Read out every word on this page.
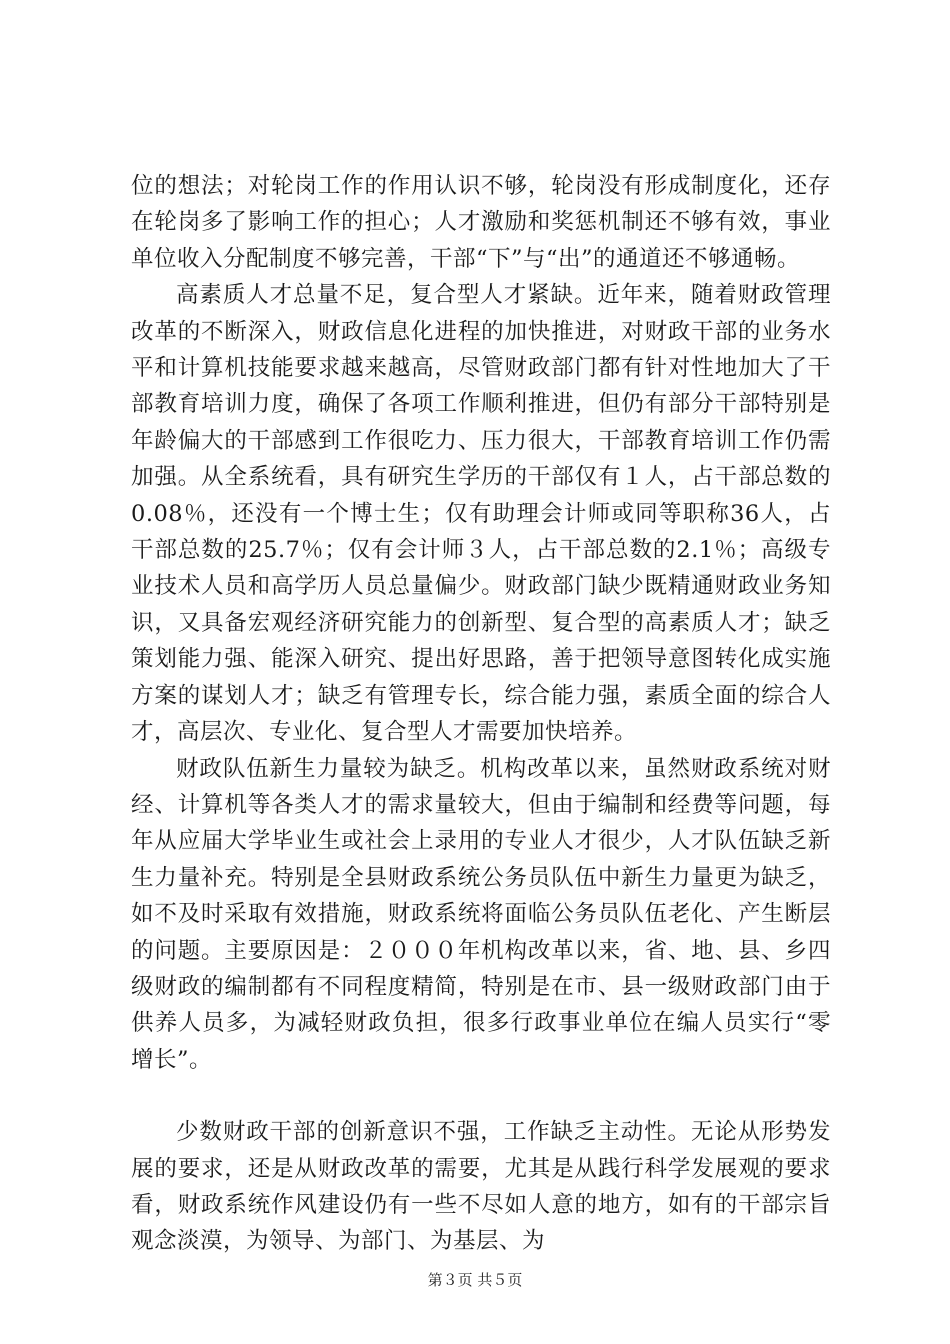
位的想法；对轮岗工作的作用认识不够，轮岗没有形成制度化，还存在轮岗多了影响工作的担心；人才激励和奖惩机制还不够有效，事业单位收入分配制度不够完善，干部“下”与“出”的通道还不够通畅。

高素质人才总量不足，复合型人才紧缺。近年来，随着财政管理改革的不断深入，财政信息化进程的加快推进，对财政干部的业务水平和计算机技能要求越来越高，尽管财政部门都有针对性地加大了干部教育培训力度，确保了各项工作顺利推进，但仍有部分干部特别是年龄偏大的干部感到工作很吃力、压力很大，干部教育培训工作仍需加强。从全系统看，具有研究生学历的干部仅有１人，占干部总数的0.08％，还没有一个博士生；仅有助理会计师或同等职称36人，占干部总数的25.7％；仅有会计师３人，占干部总数的2.1％；高级专业技术人员和高学历人员总量偏少。财政部门缺少既精通财政业务知识，又具备宏观经济研究能力的创新型、复合型的高素质人才；缺乏策划能力强、能深入研究、提出好思路，善于把领导意图转化成实施方案的谋划人才；缺乏有管理专长，综合能力强，素质全面的综合人才，高层次、专业化、复合型人才需要加快培养。

财政队伍新生力量较为缺乏。机构改革以来，虽然财政系统对财经、计算机等各类人才的需求量较大，但由于编制和经费等问题，每年从应届大学毕业生或社会上录用的专业人才很少，人才队伍缺乏新生力量补充。特别是全县财政系统公务员队伍中新生力量更为缺乏，如不及时采取有效措施，财政系统将面临公务员队伍老化、产生断层的问题。主要原因是：２０００年机构改革以来，省、地、县、乡四级财政的编制都有不同程度精简，特别是在市、县一级财政部门由于供养人员多，为减轻财政负担，很多行政事业单位在编人员实行“零增长”。

少数财政干部的创新意识不强，工作缺乏主动性。无论从形势发展的要求，还是从财政改革的需要，尤其是从践行科学发展观的要求看，财政系统作风建设仍有一些不尽如人意的地方，如有的干部宗旨观念淡漠，为领导、为部门、为基层、为

第３页 共５页
